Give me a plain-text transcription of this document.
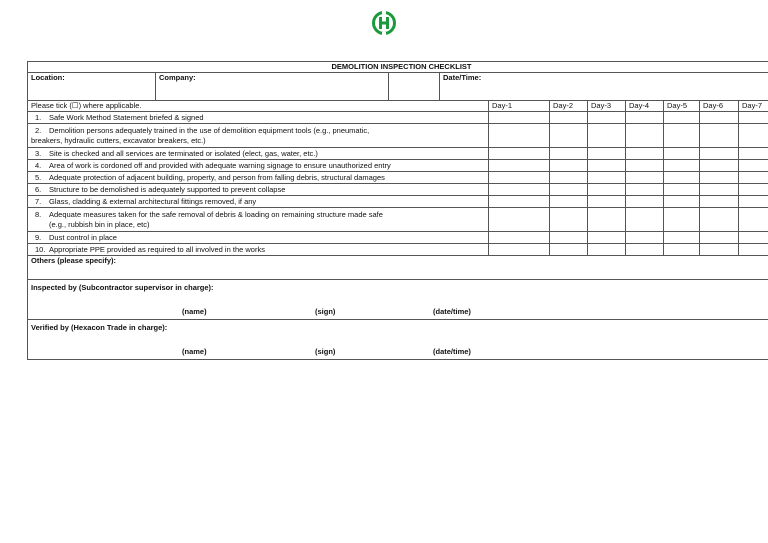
DEMOLITION INSPECTION CHECKLIST									
Location:	Company:	Date/Time:							
Please tick (☐) where applicable.			Day-1	Day-2	Day-3	Day-4	Day-5	Day-6	Day-7

1. Safe Work Method Statement briefed & signed									

2. Demolition persons adequately trained in the use of demolition equipment tools (e.g., pneumatic,
breakers, hydraulic cutters, excavator breakers, etc.)									

3. Site is checked and all services are terminated or isolated (elect, gas, water, etc.)									

4. Area of work is cordoned off and provided with adequate warning signage to ensure unauthorized entry									

5. Adequate protection of adjacent building, property, and person from falling debris, structural damages									

6. Structure to be demolished is adequately supported to prevent collapse									

7. Glass, cladding & external architectural fittings removed, if any									

8. Adequate measures taken for the safe removal of debris & loading on remaining structure made safe
(e.g., rubbish bin in place, etc)									

9. Dust control in place									

10. Appropriate PPE provided as required to all involved in the works									

Others (please specify):									

Inspected by (Subcontractor supervisor in charge):
(name) (sign) (date/time)									

Verified by (Hexacon Trade in charge):
(name) (sign) (date/time)									
